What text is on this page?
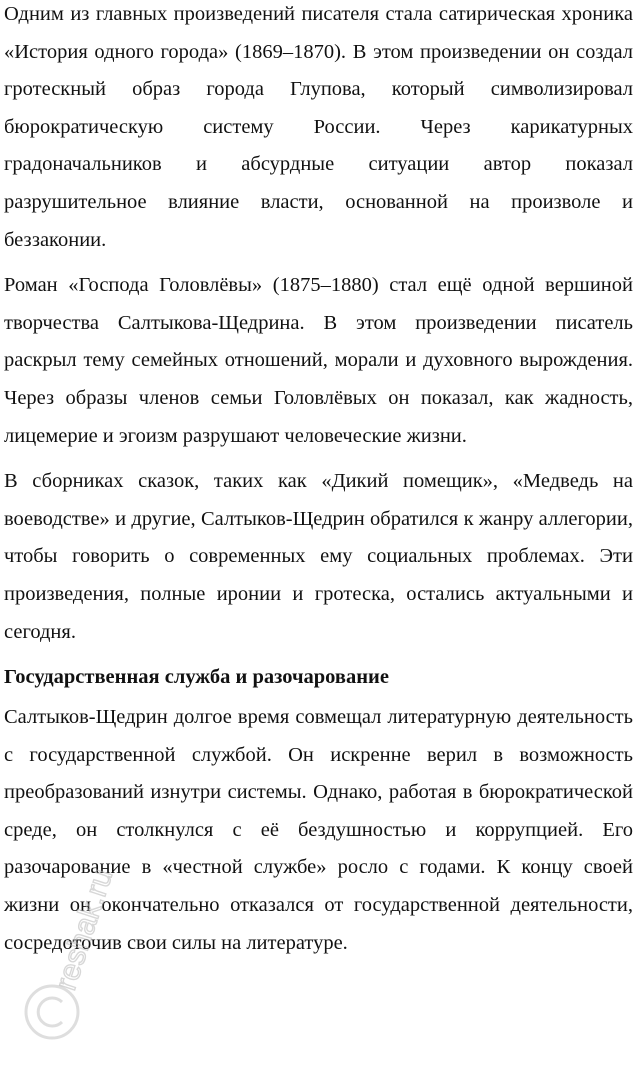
Одним из главных произведений писателя стала сатирическая хроника «История одного города» (1869–1870). В этом произведении он создал гротескный образ города Глупова, который символизировал бюрократическую систему России. Через карикатурных градоначальников и абсурдные ситуации автор показал разрушительное влияние власти, основанной на произволе и беззаконии.

Роман «Господа Головлёвы» (1875–1880) стал ещё одной вершиной творчества Салтыкова-Щедрина. В этом произведении писатель раскрыл тему семейных отношений, морали и духовного вырождения. Через образы членов семьи Головлёвых он показал, как жадность, лицемерие и эгоизм разрушают человеческие жизни.

В сборниках сказок, таких как «Дикий помещик», «Медведь на воеводстве» и другие, Салтыков-Щедрин обратился к жанру аллегории, чтобы говорить о современных ему социальных проблемах. Эти произведения, полные иронии и гротеска, остались актуальными и сегодня.

Государственная служба и разочарование

Салтыков-Щедрин долгое время совмещал литературную деятельность с государственной службой. Он искренне верил в возможность преобразований изнутри системы. Однако, работая в бюрократической среде, он столкнулся с её бездушностью и коррупцией. Его разочарование в «честной службе» росло с годами. К концу своей жизни он окончательно отказался от государственной деятельности, сосредоточив свои силы на литературе.

reshak.ru
